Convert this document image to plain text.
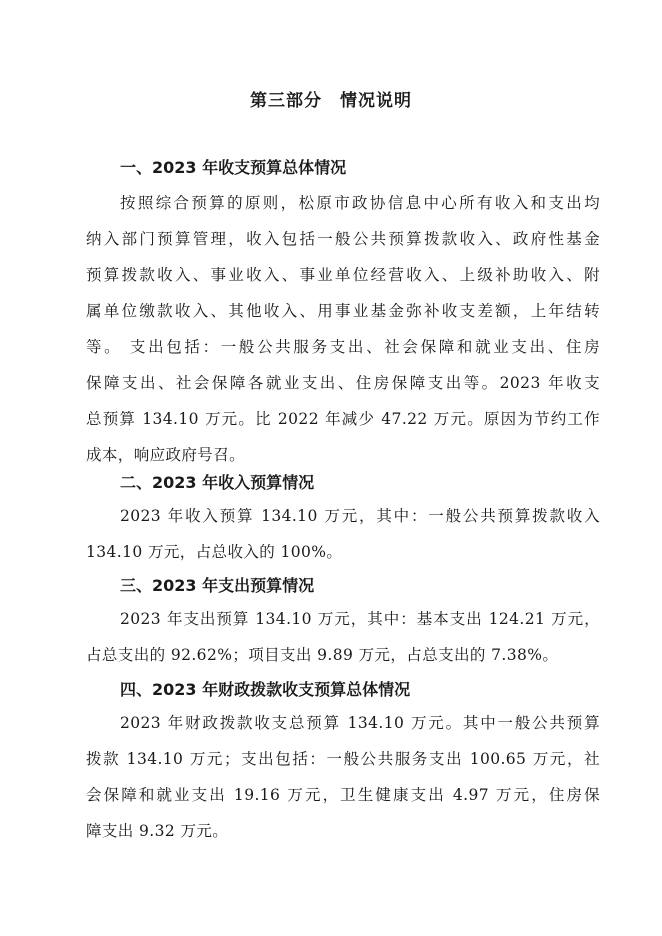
第三部分　情况说明
一、2023 年收支预算总体情况
按照综合预算的原则，松原市政协信息中心所有收入和支出均
纳入部门预算管理，收入包括一般公共预算拨款收入、政府性基金
预算拨款收入、事业收入、事业单位经营收入、上级补助收入、附
属单位缴款收入、其他收入、用事业基金弥补收支差额，上年结转
等。 支出包括：一般公共服务支出、社会保障和就业支出、住房
保障支出、社会保障各就业支出、住房保障支出等。2023 年收支
总预算 134.10 万元。比 2022 年减少 47.22 万元。原因为节约工作
成本，响应政府号召。
二、2023 年收入预算情况
2023 年收入预算 134.10 万元，其中：一般公共预算拨款收入
134.10 万元，占总收入的 100%。
三、2023 年支出预算情况
2023 年支出预算 134.10 万元，其中：基本支出 124.21 万元，
占总支出的 92.62%；项目支出 9.89 万元，占总支出的 7.38%。
四、2023 年财政拨款收支预算总体情况
2023 年财政拨款收支总预算 134.10 万元。其中一般公共预算
拨款 134.10 万元；支出包括：一般公共服务支出 100.65 万元，社
会保障和就业支出 19.16 万元，卫生健康支出 4.97 万元，住房保
障支出 9.32 万元。
